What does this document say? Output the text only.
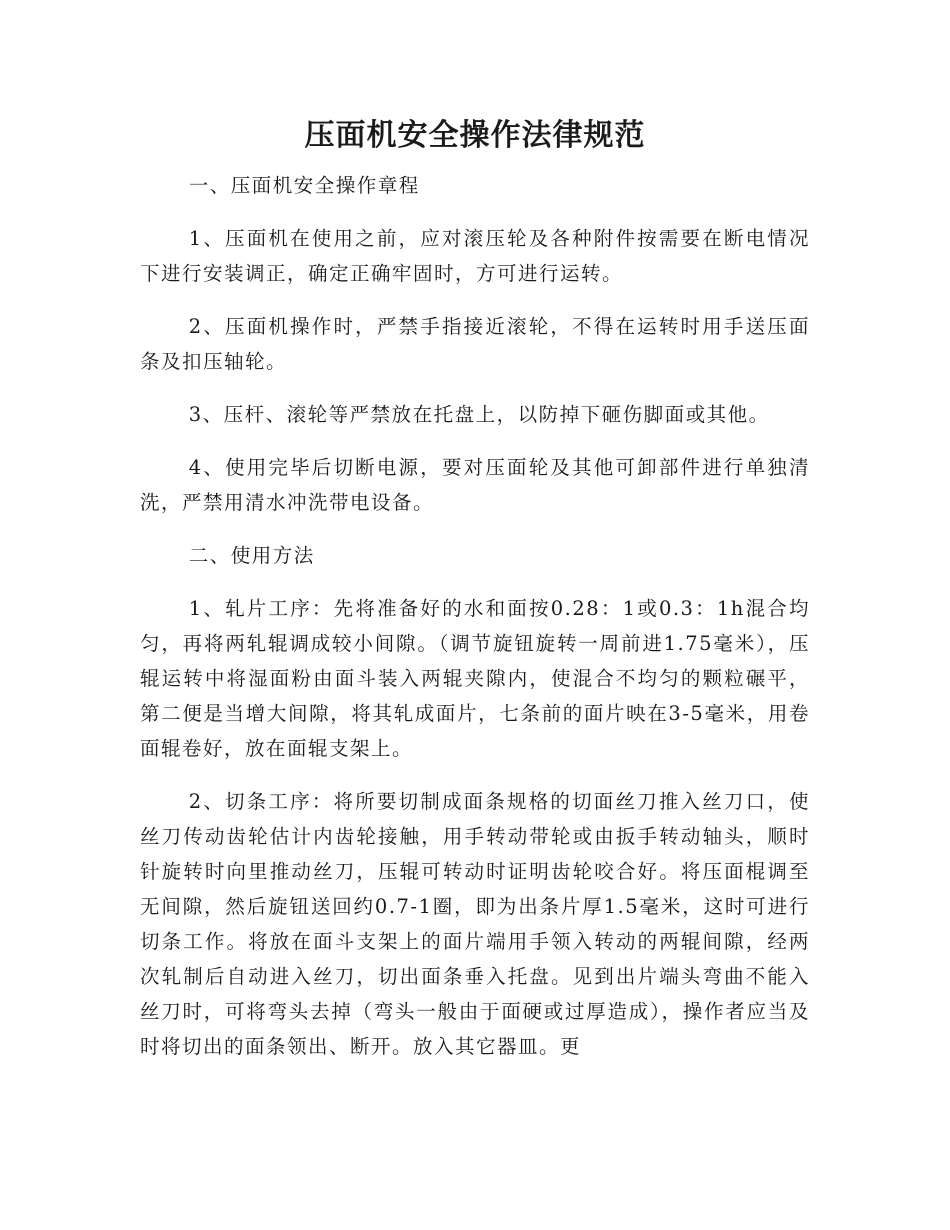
压面机安全操作法律规范

一、压面机安全操作章程

1、压面机在使用之前，应对滚压轮及各种附件按需要在断电情况下进行安装调正，确定正确牢固时，方可进行运转。

2、压面机操作时，严禁手指接近滚轮，不得在运转时用手送压面条及扣压轴轮。

3、压杆、滚轮等严禁放在托盘上，以防掉下砸伤脚面或其他。

4、使用完毕后切断电源，要对压面轮及其他可卸部件进行单独清洗，严禁用清水冲洗带电设备。

二、使用方法

1、轧片工序：先将准备好的水和面按0.28：1或0.3：1h混合均匀，再将两轧辊调成较小间隙。（调节旋钮旋转一周前进1.75毫米），压辊运转中将湿面粉由面斗装入两辊夹隙内，使混合不均匀的颗粒碾平，第二便是当增大间隙，将其轧成面片，七条前的面片映在3-5毫米，用卷面辊卷好，放在面辊支架上。

2、切条工序：将所要切制成面条规格的切面丝刀推入丝刀口，使丝刀传动齿轮估计内齿轮接触，用手转动带轮或由扳手转动轴头，顺时针旋转时向里推动丝刀，压辊可转动时证明齿轮咬合好。将压面棍调至无间隙，然后旋钮送回约0.7-1圈，即为出条片厚1.5毫米，这时可进行切条工作。将放在面斗支架上的面片端用手领入转动的两辊间隙，经两次轧制后自动进入丝刀，切出面条垂入托盘。见到出片端头弯曲不能入丝刀时，可将弯头去掉（弯头一般由于面硬或过厚造成），操作者应当及时将切出的面条领出、断开。放入其它器皿。更
